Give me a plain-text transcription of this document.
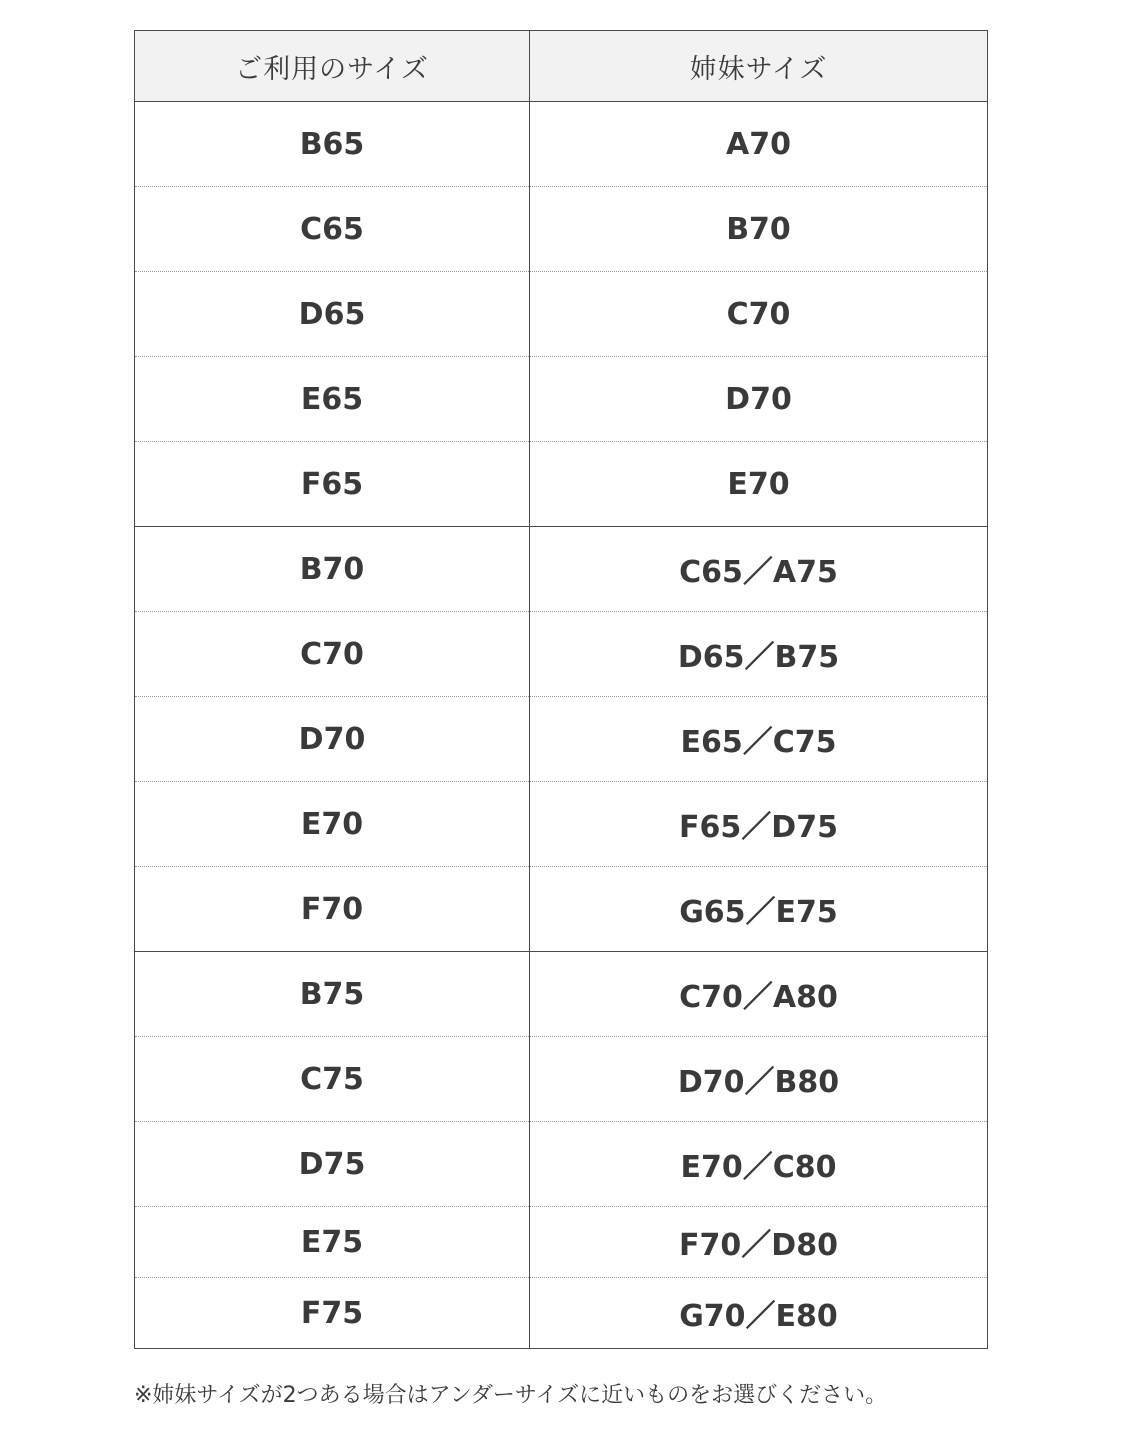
ご利用のサイズ	姉妹サイズ
B65	A70
C65	B70
D65	C70
E65	D70
F65	E70
B70	C65／A75
C70	D65／B75
D70	E65／C75
E70	F65／D75
F70	G65／E75
B75	C70／A80
C75	D70／B80
D75	E70／C80
E75	F70／D80
F75	G70／E80
※姉妹サイズが2つある場合はアンダーサイズに近いものをお選びください。
